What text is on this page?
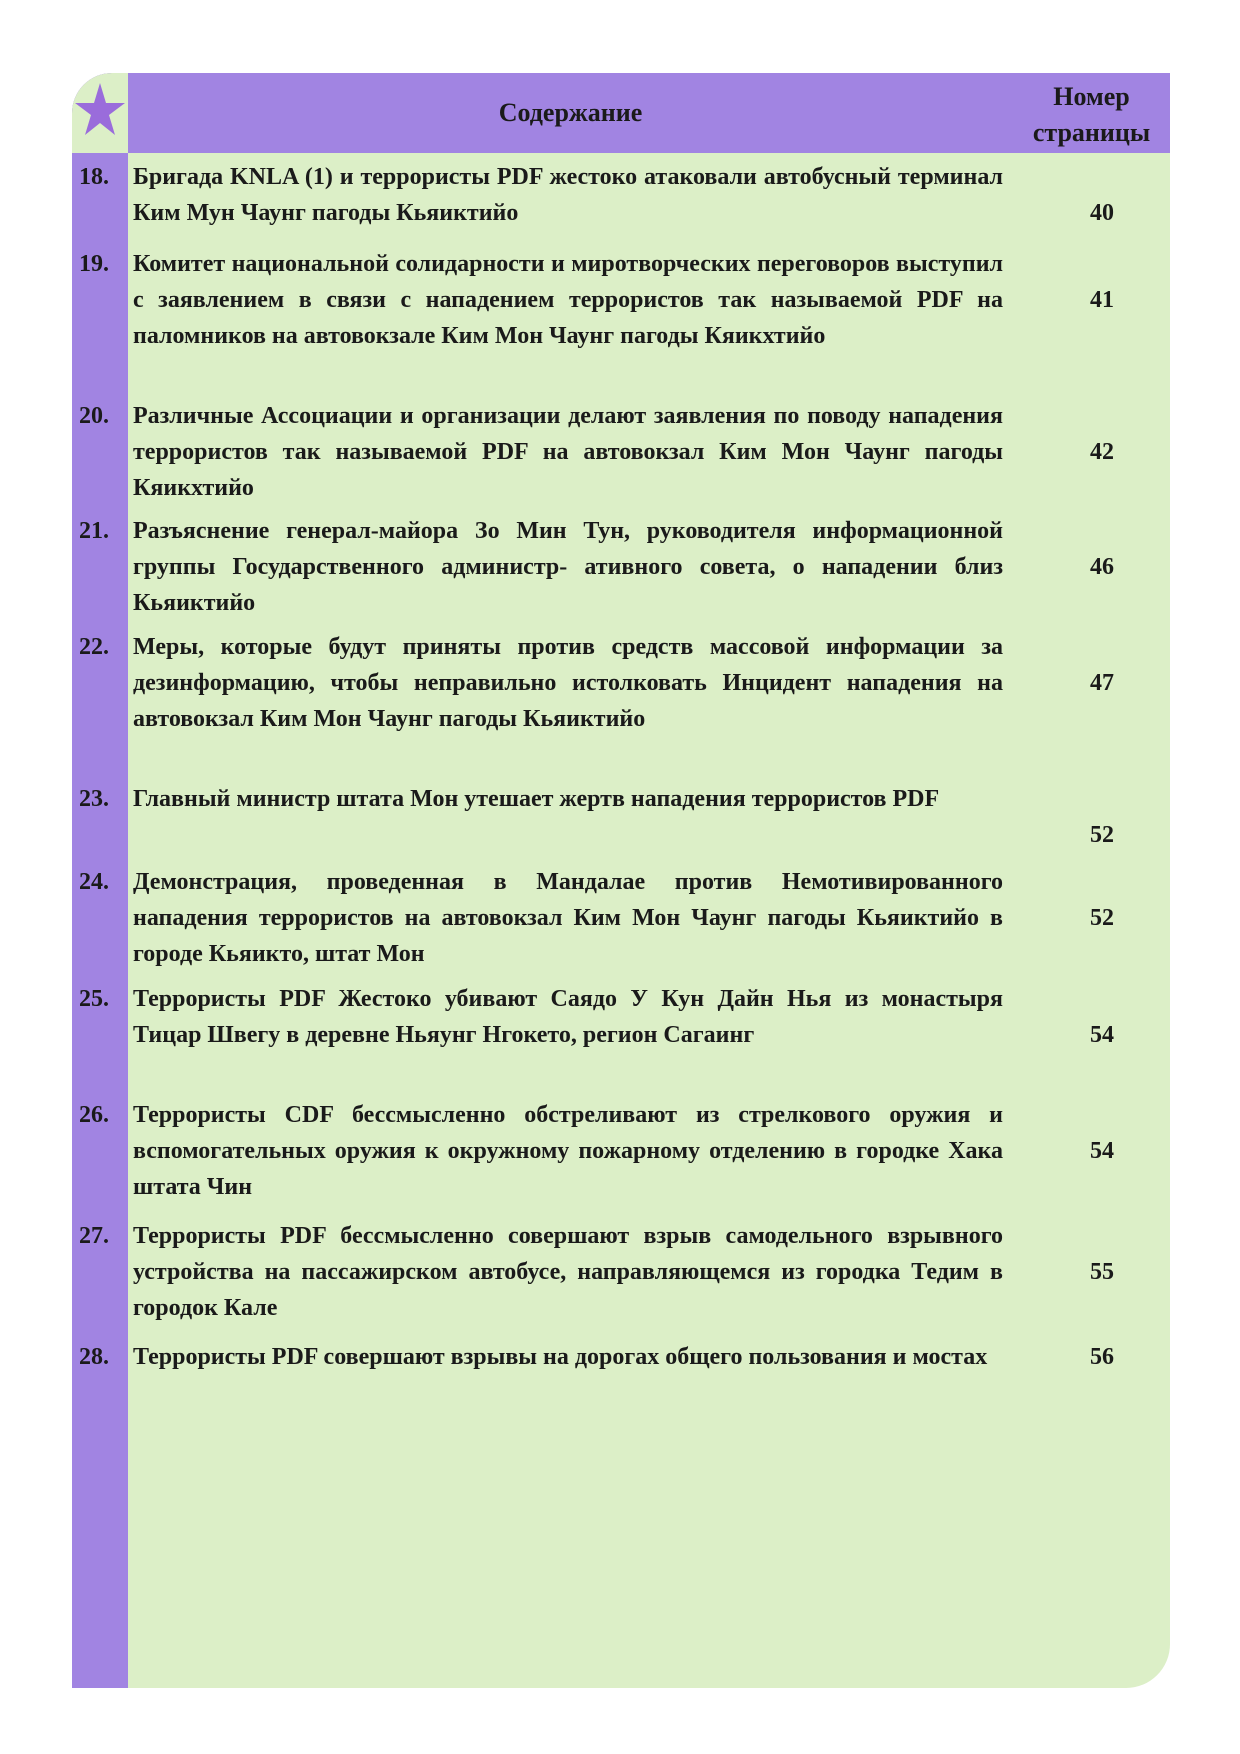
Содержание
Номер
страницы
18. Бригада KNLA (1) и террористы PDF жестоко атаковали автобусный терминал Ким Мун Чаунг пагоды Кьяиктийо	40
19. Комитет национальной солидарности и миротворческих переговоров выступил с заявлением в связи с нападением террористов так называемой PDF на паломников на автовокзале Ким Мон Чаунг пагоды Кяикхтийо
41
20. Различные Ассоциации и организации делают заявления по поводу нападения террористов так называемой PDF на автовокзал Ким Мон Чаунг пагоды Кяикхтийо
42
21. Разъяснение генерал-майора Зо Мин Тун, руководителя информационной группы Государственного администр- ативного совета, о нападении близ Кьяиктийо
46
22. Меры, которые будут приняты против средств массовой информации за дезинформацию, чтобы неправильно истолковать Инцидент нападения на автовокзал Ким Мон Чаунг пагоды Кьяиктийо
47
23. Главный министр штата Мон утешает жертв нападения террористов PDF
52
24. Демонстрация, проведенная в Мандалае против Немотивированного нападения террористов на автовокзал Ким Мон Чаунг пагоды Кьяиктийо в городе Кьяикто, штат Мон
52
25. Террористы PDF Жестоко убивают Саядо У Кун Дайн Нья из монастыря Тицар Швегу в деревне Ньяунг Нгокето, регион Сагаинг	54
26. Террористы CDF бессмысленно обстреливают из стрелкового оружия и вспомогательных оружия к окружному пожарному отделению в городке Хака штата Чин
54
27. Террористы PDF бессмысленно совершают взрыв самодельного взрывного устройства на пассажирском автобусе, направляющемся из городка Тедим в городок Кале
55
28. Террористы PDF совершают взрывы на дорогах общего пользования и мостах	56
